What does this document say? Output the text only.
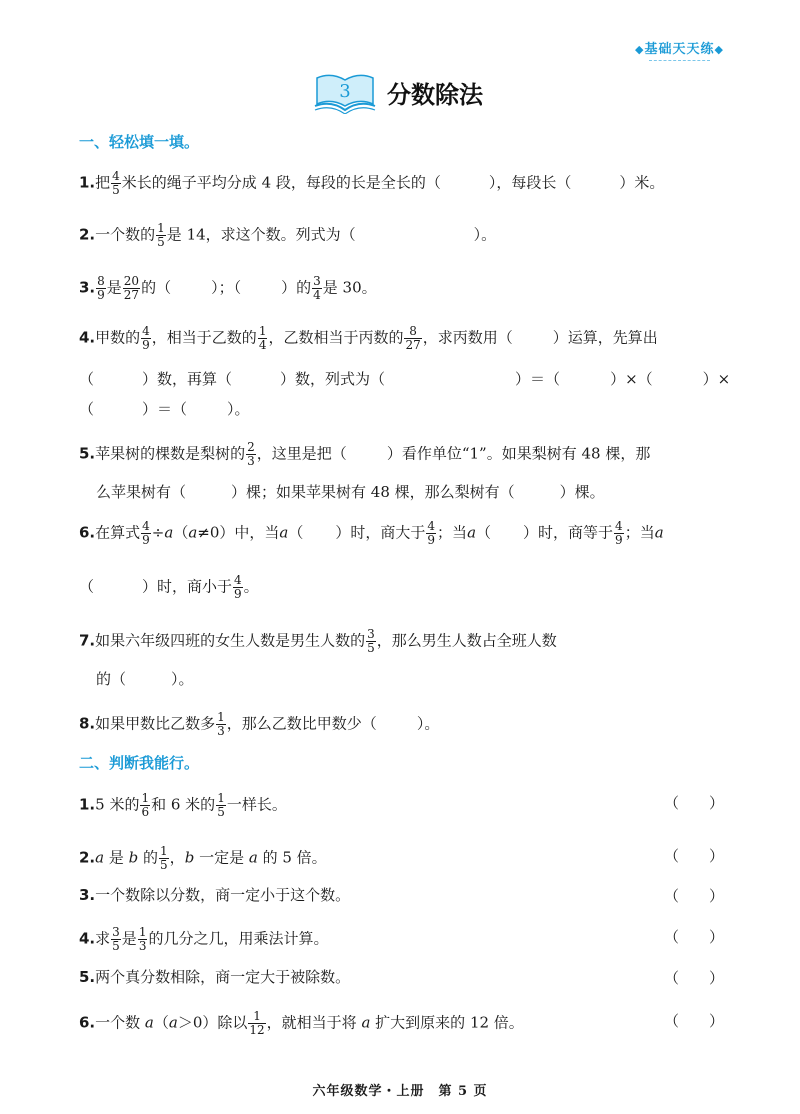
◆基础天天练◆
3 分数除法
一、轻松填一填。
1.把 $\frac{4}{5}$ 米长的绳子平均分成 4 段，每段的长是全长的（	），每段长（	）米。
2.一个数的 $\frac{1}{5}$ 是 14，求这个数。列式为（	）。
3. $\frac{8}{9}$ 是 $\frac{20}{27}$ 的（	）；（	）的 $\frac{3}{4}$ 是 30。
4.甲数的 $\frac{4}{9}$ ，相当于乙数的 $\frac{1}{4}$ ，乙数相当于丙数的 $\frac{8}{27}$ ，求丙数用（	）运算，先算出
（	）数，再算（	）数，列式为（	）＝（	）×（	）×
（	）＝（	）。
5.苹果树的棵数是梨树的 $\frac{2}{3}$ ，这里是把（	）看作单位“1”。如果梨树有 48 棵，那
么苹果树有（　　　）棵；如果苹果树有 48 棵，那么梨树有（　　　）棵。
6.在算式 $\frac{4}{9} \div a(a\ne 0)$中，当a（ ）时，商大于 $\frac{4}{9}$ ；当a（ ）时，商等于 $\frac{4}{9}$ ；当a
（	）时，商小于 $\frac{4}{9}$ 。
7.如果六年级四班的女生人数是男生人数的 $\frac{3}{5}$ ，那么男生人数占全班人数
的（　　　）。
8.如果甲数比乙数多 $\frac{1}{3}$ ，那么乙数比甲数少（	）。
二、判断我能行。
1.5 米的 $\frac{1}{6}$ 和 6 米的 $\frac{1}{5}$ 一样长。	（　　）
2.a 是 b 的 $\frac{1}{5}$ ，b 一定是 a 的 5 倍。	（　　）
3.一个数除以分数，商一定小于这个数。	（　　）
4.求 $\frac{3}{5}$ 是 $\frac{1}{3}$ 的几分之几，用乘法计算。	（　　）
5.两个真分数相除，商一定大于被除数。	（　　）
6.一个数 a（a＞0）除以 $\frac{1}{12}$ ，就相当于将 a 扩大到原来的 12 倍。	（　　）
六年级数学・上册　第 5 页
